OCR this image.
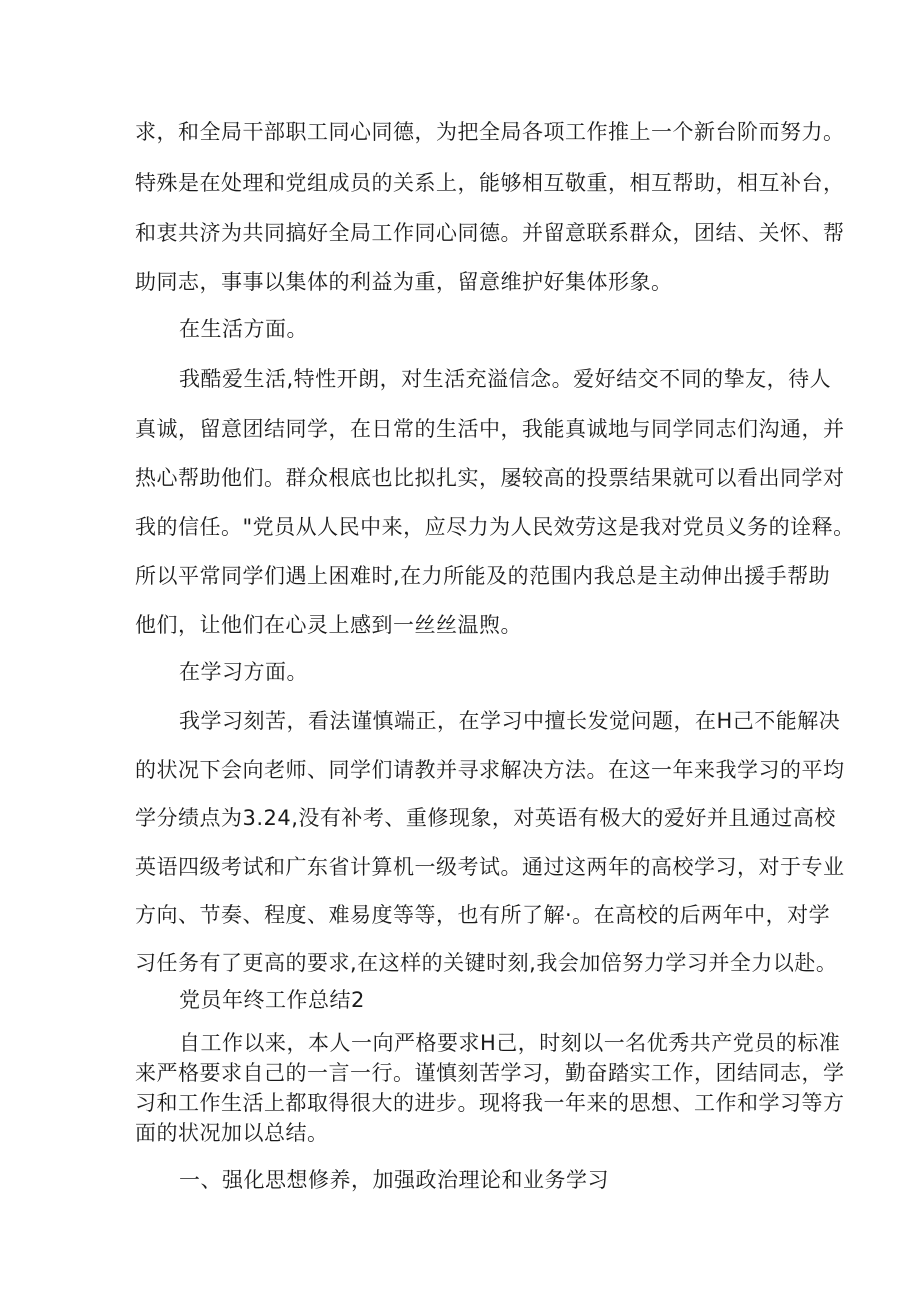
求，和全局干部职工同心同德，为把全局各项工作推上一个新台阶而努力。
特殊是在处理和党组成员的关系上，能够相互敬重，相互帮助，相互补台，
和衷共济为共同搞好全局工作同心同德。并留意联系群众，团结、关怀、帮
助同志，事事以集体的利益为重，留意维护好集体形象。
在生活方面。
我酷爱生活,特性开朗，对生活充溢信念。爱好结交不同的挚友，待人
真诚，留意团结同学，在日常的生活中，我能真诚地与同学同志们沟通，并
热心帮助他们。群众根底也比拟扎实，屡较高的投票结果就可以看出同学对
我的信任。"党员从人民中来，应尽力为人民效劳这是我对党员义务的诠释。
所以平常同学们遇上困难时,在力所能及的范围内我总是主动伸出援手帮助
他们，让他们在心灵上感到一丝丝温煦。
在学习方面。
我学习刻苦，看法谨慎端正，在学习中擅长发觉问题，在H己不能解决
的状况下会向老师、同学们请教并寻求解决方法。在这一年来我学习的平均
学分绩点为3.24,没有补考、重修现象，对英语有极大的爱好并且通过高校
英语四级考试和广东省计算机一级考试。通过这两年的高校学习，对于专业
方向、节奏、程度、难易度等等，也有所了解·。在高校的后两年中，对学
习任务有了更高的要求,在这样的关键时刻,我会加倍努力学习并全力以赴。
党员年终工作总结2
自工作以来，本人一向严格要求H己，时刻以一名优秀共产党员的标准
来严格要求自己的一言一行。谨慎刻苦学习，勤奋踏实工作，团结同志，学
习和工作生活上都取得很大的进步。现将我一年来的思想、工作和学习等方
面的状况加以总结。
一、强化思想修养，加强政治理论和业务学习
